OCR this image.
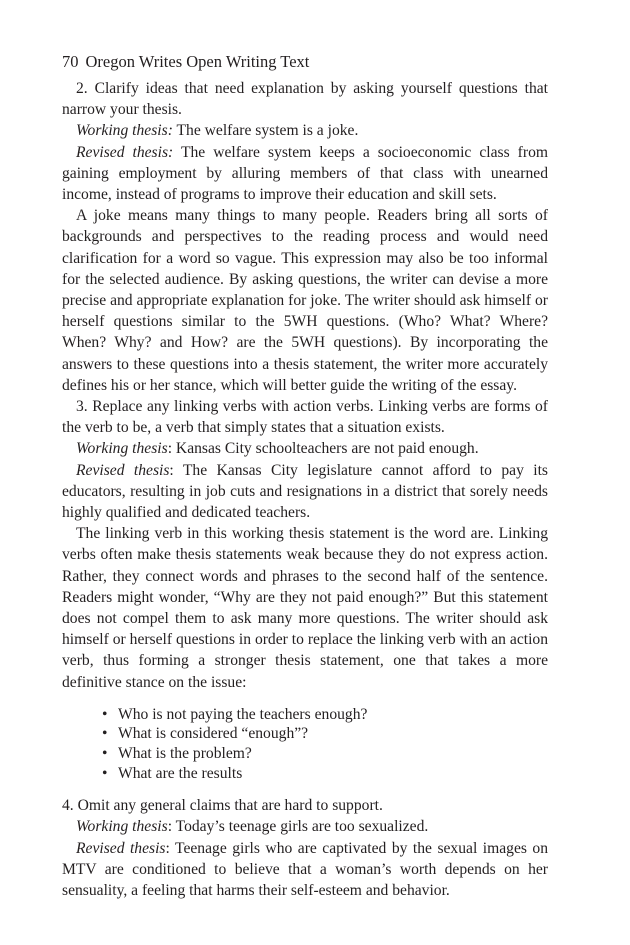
70 Oregon Writes Open Writing Text

2. Clarify ideas that need explanation by asking yourself questions that narrow your thesis.

Working thesis: The welfare system is a joke.

Revised thesis: The welfare system keeps a socioeconomic class from gaining employment by alluring members of that class with unearned income, instead of programs to improve their education and skill sets.

A joke means many things to many people. Readers bring all sorts of backgrounds and perspectives to the reading process and would need clarification for a word so vague. This expression may also be too informal for the selected audience. By asking questions, the writer can devise a more precise and appropriate explanation for joke. The writer should ask himself or herself questions similar to the 5WH questions. (Who? What? Where? When? Why? and How? are the 5WH questions). By incorporating the answers to these questions into a thesis statement, the writer more accurately defines his or her stance, which will better guide the writing of the essay.

3. Replace any linking verbs with action verbs. Linking verbs are forms of the verb to be, a verb that simply states that a situation exists.

Working thesis: Kansas City schoolteachers are not paid enough.

Revised thesis: The Kansas City legislature cannot afford to pay its educators, resulting in job cuts and resignations in a district that sorely needs highly qualified and dedicated teachers.

The linking verb in this working thesis statement is the word are. Linking verbs often make thesis statements weak because they do not express action. Rather, they connect words and phrases to the second half of the sentence. Readers might wonder, “Why are they not paid enough?” But this statement does not compel them to ask many more questions. The writer should ask himself or herself questions in order to replace the linking verb with an action verb, thus forming a stronger thesis statement, one that takes a more definitive stance on the issue:

• Who is not paying the teachers enough?
• What is considered “enough”?
• What is the problem?
• What are the results

4. Omit any general claims that are hard to support.

Working thesis: Today’s teenage girls are too sexualized.

Revised thesis: Teenage girls who are captivated by the sexual images on MTV are conditioned to believe that a woman’s worth depends on her sensuality, a feeling that harms their self-esteem and behavior.
